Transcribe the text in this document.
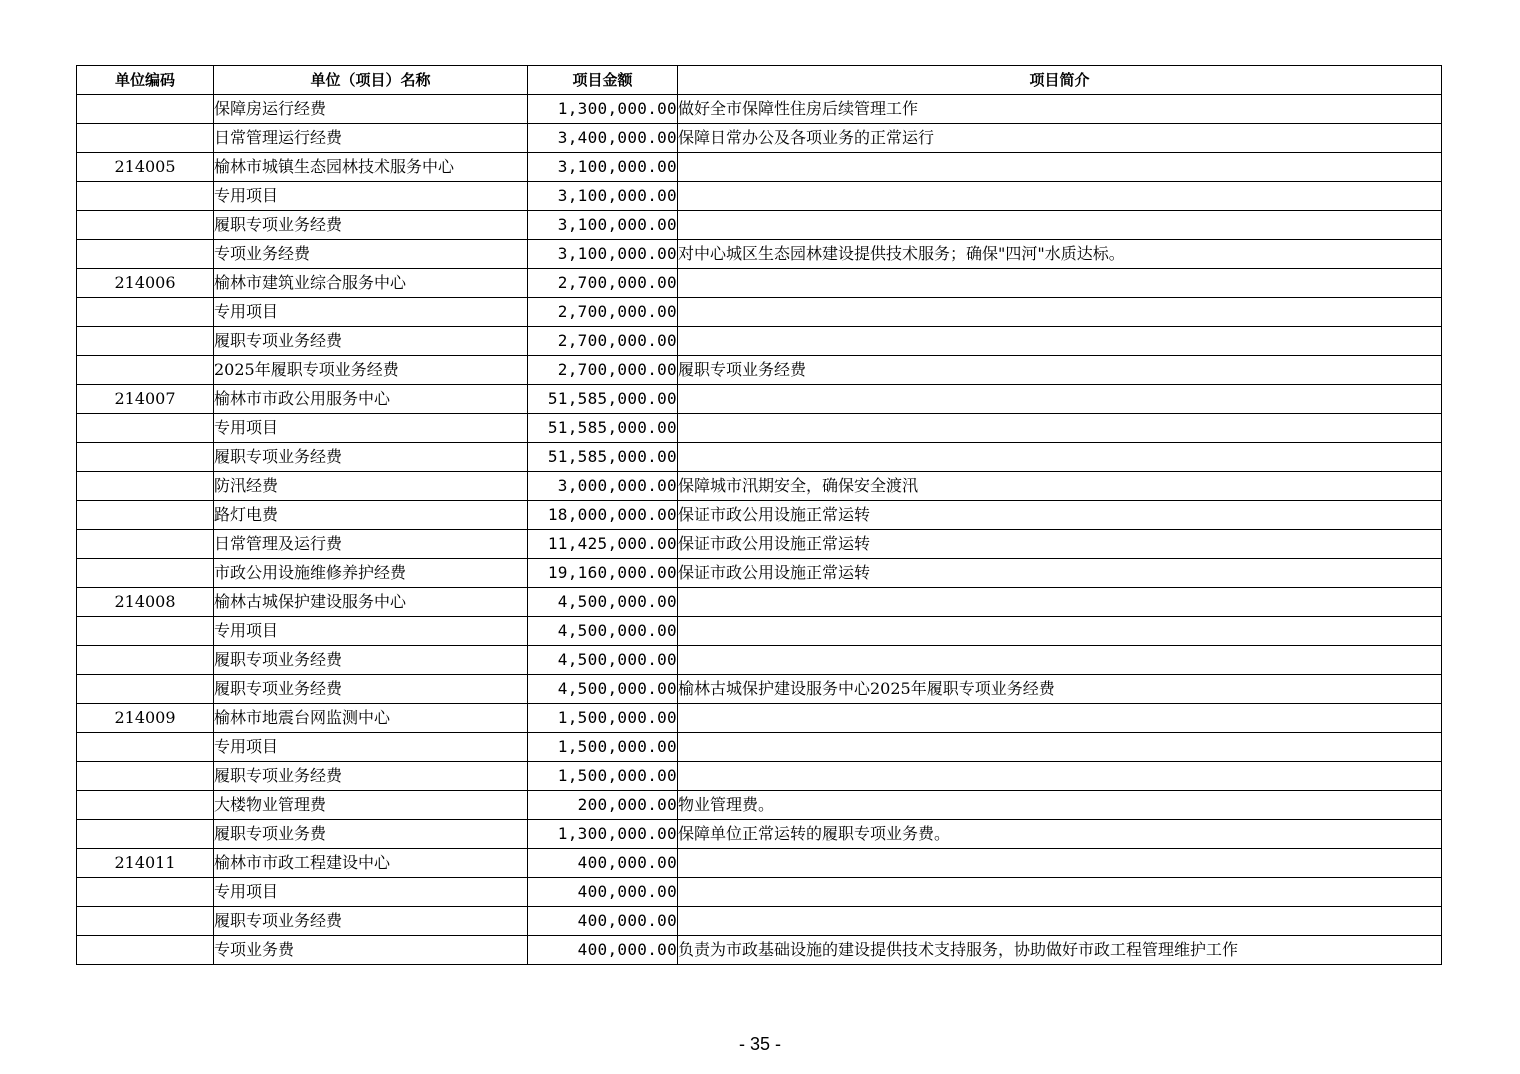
单位编码	单位（项目）名称	项目金额	项目简介
	保障房运行经费	1,300,000.00	做好全市保障性住房后续管理工作
	日常管理运行经费	3,400,000.00	保障日常办公及各项业务的正常运行
214005	榆林市城镇生态园林技术服务中心	3,100,000.00	
	专用项目	3,100,000.00	
	履职专项业务经费	3,100,000.00	
	专项业务经费	3,100,000.00	对中心城区生态园林建设提供技术服务；确保"四河"水质达标。
214006	榆林市建筑业综合服务中心	2,700,000.00	
	专用项目	2,700,000.00	
	履职专项业务经费	2,700,000.00	
	2025年履职专项业务经费	2,700,000.00	履职专项业务经费
214007	榆林市市政公用服务中心	51,585,000.00	
	专用项目	51,585,000.00	
	履职专项业务经费	51,585,000.00	
	防汛经费	3,000,000.00	保障城市汛期安全，确保安全渡汛
	路灯电费	18,000,000.00	保证市政公用设施正常运转
	日常管理及运行费	11,425,000.00	保证市政公用设施正常运转
	市政公用设施维修养护经费	19,160,000.00	保证市政公用设施正常运转
214008	榆林古城保护建设服务中心	4,500,000.00	
	专用项目	4,500,000.00	
	履职专项业务经费	4,500,000.00	
	履职专项业务经费	4,500,000.00	榆林古城保护建设服务中心2025年履职专项业务经费
214009	榆林市地震台网监测中心	1,500,000.00	
	专用项目	1,500,000.00	
	履职专项业务经费	1,500,000.00	
	大楼物业管理费	200,000.00	物业管理费。
	履职专项业务费	1,300,000.00	保障单位正常运转的履职专项业务费。
214011	榆林市市政工程建设中心	400,000.00	
	专用项目	400,000.00	
	履职专项业务经费	400,000.00	
	专项业务费	400,000.00	负责为市政基础设施的建设提供技术支持服务，协助做好市政工程管理维护工作
- 35 -
